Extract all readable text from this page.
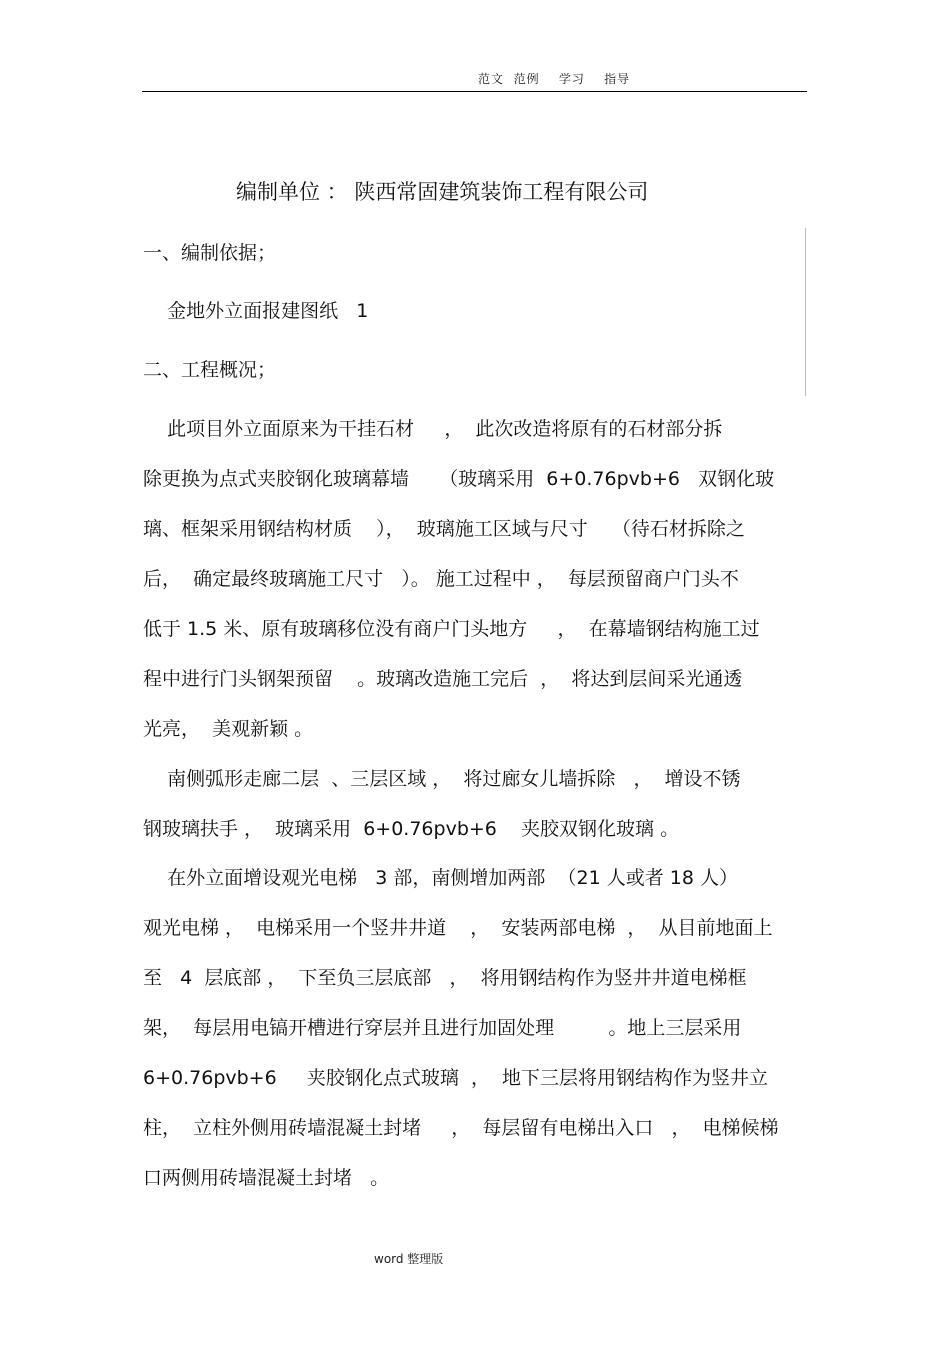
范文  范例    学习    指导
编制单位 ： 陕西常固建筑装饰工程有限公司
一、编制依据；
金地外立面报建图纸   1
二、工程概况；
此项目外立面原来为干挂石材     ，  此次改造将原有的石材部分拆
除更换为点式夹胶钢化玻璃幕墙     （玻璃采用  6+0.76pvb+6   双钢化玻
璃、框架采用钢结构材质    ），  玻璃施工区域与尺寸    （待石材拆除之
后，  确定最终玻璃施工尺寸   ）。 施工过程中 ，  每层预留商户门头不
低于 1.5 米、原有玻璃移位没有商户门头地方     ，  在幕墙钢结构施工过
程中进行门头钢架预留    。玻璃改造施工完后  ，  将达到层间采光通透
光亮，  美观新颖 。
南侧弧形走廊二层  、三层区域 ，  将过廊女儿墙拆除   ，  增设不锈
钢玻璃扶手 ，  玻璃采用  6+0.76pvb+6    夹胶双钢化玻璃 。
在外立面增设观光电梯   3 部，南侧增加两部  （21 人或者 18 人）
观光电梯 ，  电梯采用一个竖井井道    ，  安装两部电梯  ，  从目前地面上
至   4  层底部 ，  下至负三层底部   ，  将用钢结构作为竖井井道电梯框
架，  每层用电镐开槽进行穿层并且进行加固处理         。地上三层采用
6+0.76pvb+6     夹胶钢化点式玻璃  ，  地下三层将用钢结构作为竖井立
柱，  立柱外侧用砖墙混凝土封堵     ，  每层留有电梯出入口   ，  电梯候梯
口两侧用砖墙混凝土封堵   。
word 整理版
